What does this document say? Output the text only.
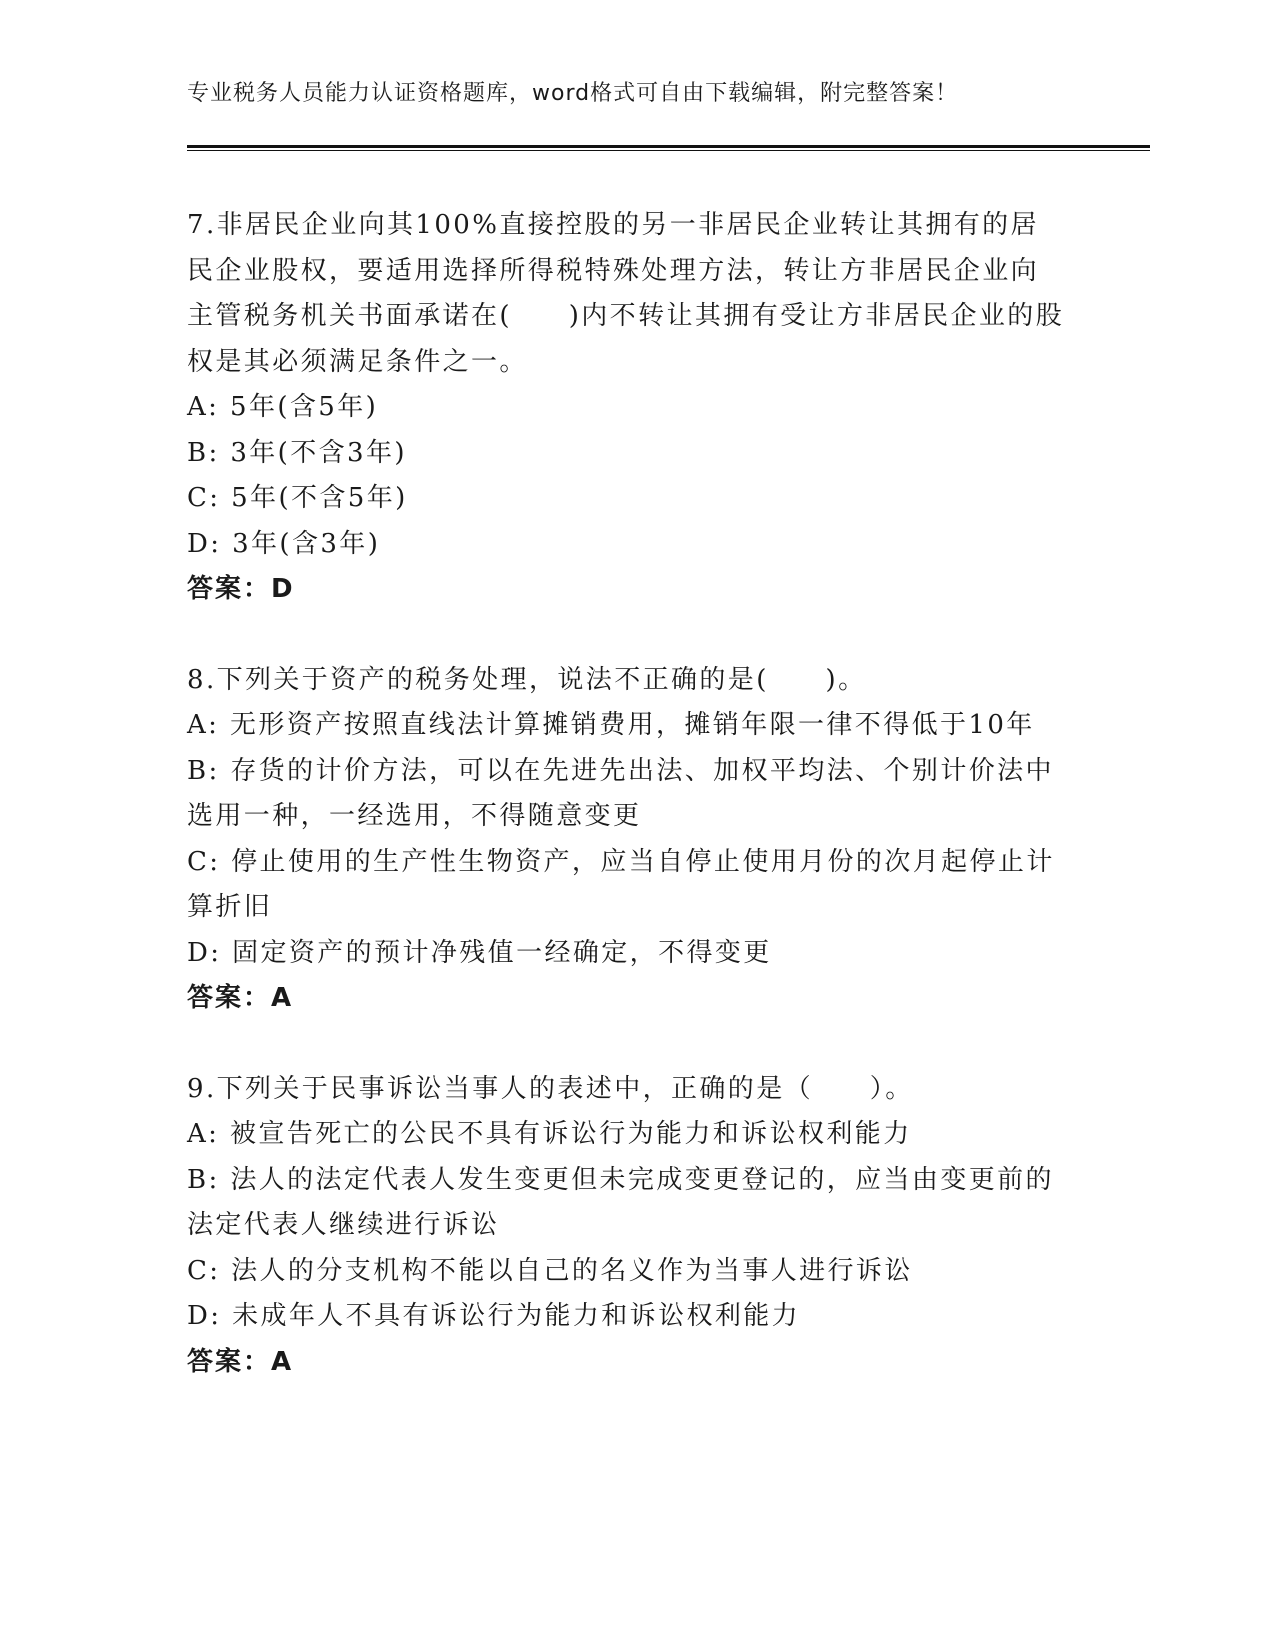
专业税务人员能力认证资格题库，word格式可自由下载编辑，附完整答案！
7.非居民企业向其100%直接控股的另一非居民企业转让其拥有的居民企业股权，要适用选择所得税特殊处理方法，转让方非居民企业向主管税务机关书面承诺在(　　)内不转让其拥有受让方非居民企业的股权是其必须满足条件之一。
A: 5年(含5年)
B: 3年(不含3年)
C: 5年(不含5年)
D: 3年(含3年)
答案：D
8.下列关于资产的税务处理，说法不正确的是(　　)。
A: 无形资产按照直线法计算摊销费用，摊销年限一律不得低于10年
B: 存货的计价方法，可以在先进先出法、加权平均法、个别计价法中选用一种，一经选用，不得随意变更
C: 停止使用的生产性生物资产，应当自停止使用月份的次月起停止计算折旧
D: 固定资产的预计净残值一经确定，不得变更
答案：A
9.下列关于民事诉讼当事人的表述中，正确的是（　　）。
A: 被宣告死亡的公民不具有诉讼行为能力和诉讼权利能力
B: 法人的法定代表人发生变更但未完成变更登记的，应当由变更前的法定代表人继续进行诉讼
C: 法人的分支机构不能以自己的名义作为当事人进行诉讼
D: 未成年人不具有诉讼行为能力和诉讼权利能力
答案：A
